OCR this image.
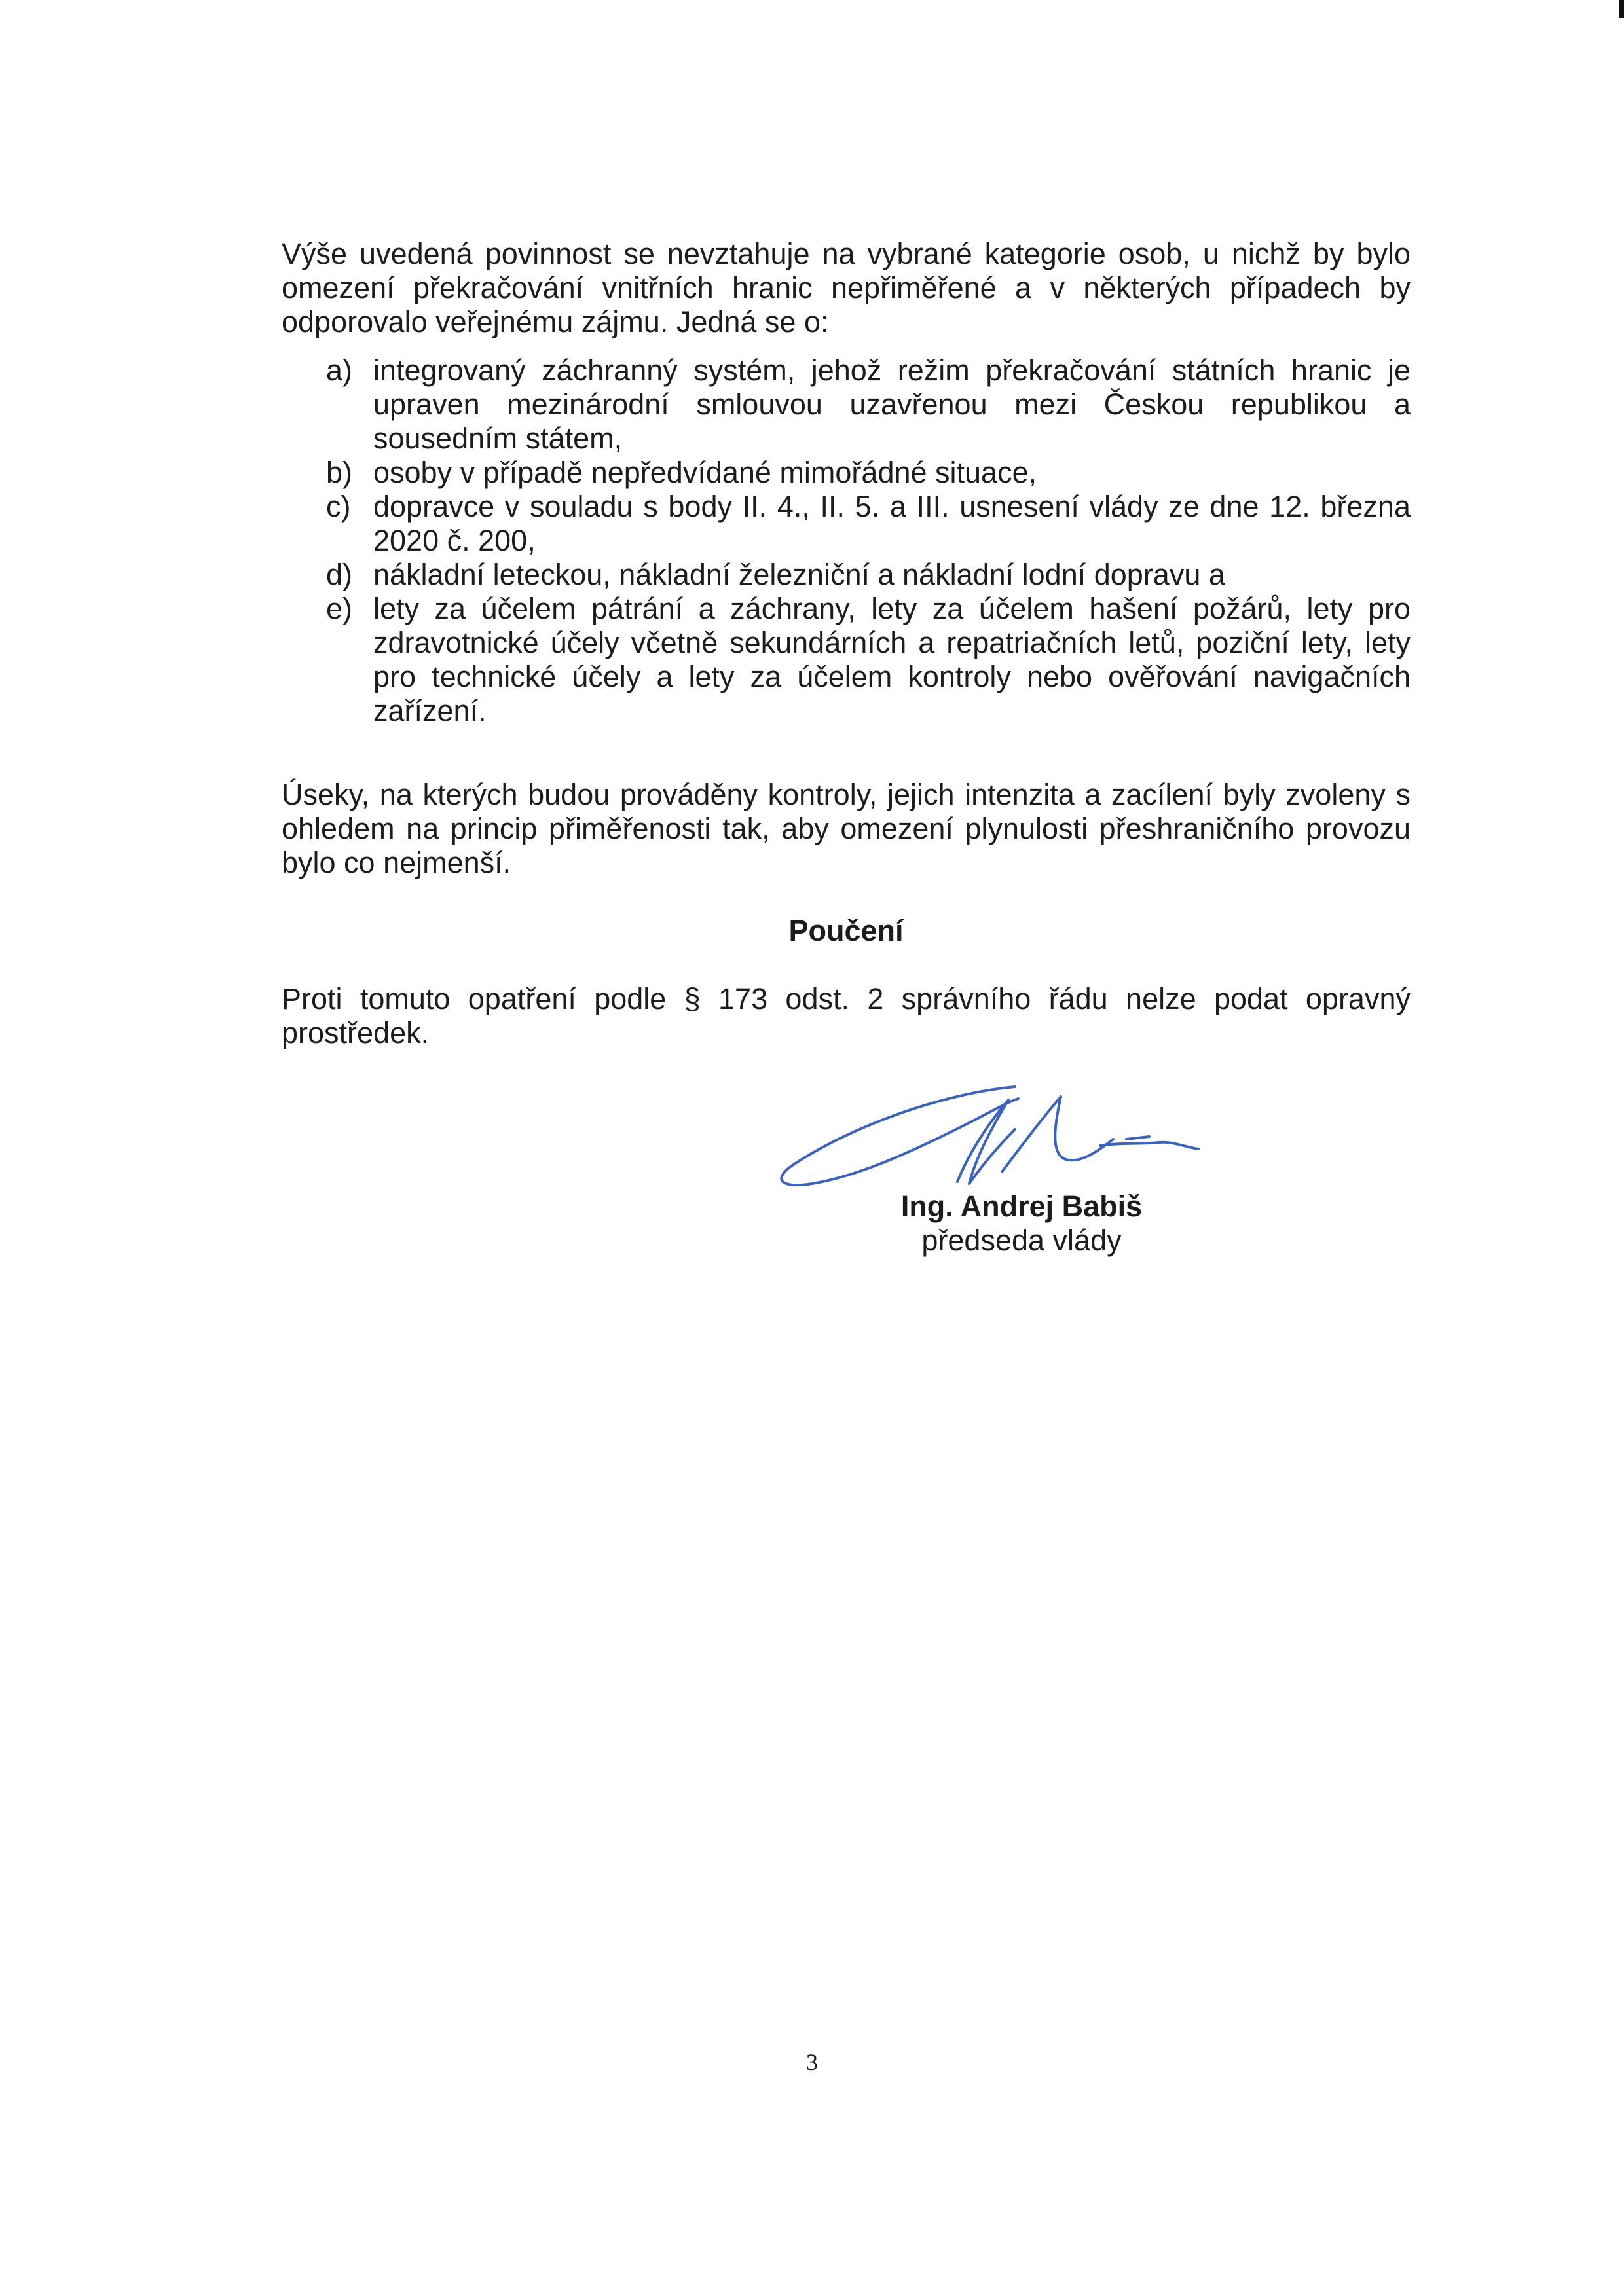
Výše uvedená povinnost se nevztahuje na vybrané kategorie osob, u nichž by bylo omezení překračování vnitřních hranic nepřiměřené a v některých případech by odporovalo veřejnému zájmu. Jedná se o:

a) integrovaný záchranný systém, jehož režim překračování státních hranic je upraven mezinárodní smlouvou uzavřenou mezi Českou republikou a sousedním státem,
b) osoby v případě nepředvídané mimořádné situace,
c) dopravce v souladu s body II. 4., II. 5. a III. usnesení vlády ze dne 12. března 2020 č. 200,
d) nákladní leteckou, nákladní železniční a nákladní lodní dopravu a
e) lety za účelem pátrání a záchrany, lety za účelem hašení požárů, lety pro zdravotnické účely včetně sekundárních a repatriačních letů, poziční lety, lety pro technické účely a lety za účelem kontroly nebo ověřování navigačních zařízení.

Úseky, na kterých budou prováděny kontroly, jejich intenzita a zacílení byly zvoleny s ohledem na princip přiměřenosti tak, aby omezení plynulosti přeshraničního provozu bylo co nejmenší.

Poučení

Proti tomuto opatření podle § 173 odst. 2 správního řádu nelze podat opravný prostředek.

Ing. Andrej Babiš
předseda vlády
3
